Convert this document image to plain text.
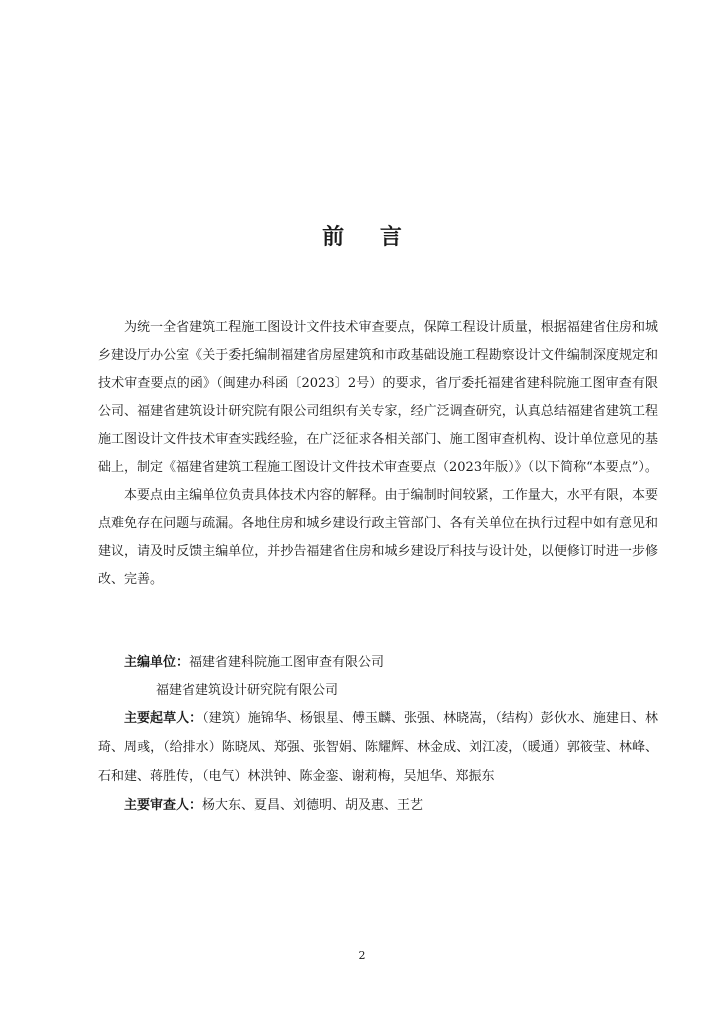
前 言

为统一全省建筑工程施工图设计文件技术审查要点，保障工程设计质量，根据福建省住房和城乡建设厅办公室《关于委托编制福建省房屋建筑和市政基础设施工程勘察设计文件编制深度规定和技术审查要点的函》（闽建办科函〔2023〕2号）的要求，省厅委托福建省建科院施工图审查有限公司、福建省建筑设计研究院有限公司组织有关专家，经广泛调查研究，认真总结福建省建筑工程施工图设计文件技术审查实践经验，在广泛征求各相关部门、施工图审查机构、设计单位意见的基础上，制定《福建省建筑工程施工图设计文件技术审查要点（2023年版）》（以下简称“本要点”）。

本要点由主编单位负责具体技术内容的解释。由于编制时间较紧，工作量大，水平有限，本要点难免存在问题与疏漏。各地住房和城乡建设行政主管部门、各有关单位在执行过程中如有意见和建议，请及时反馈主编单位，并抄告福建省住房和城乡建设厅科技与设计处，以便修订时进一步修改、完善。

主编单位：福建省建科院施工图审查有限公司

福建省建筑设计研究院有限公司

主要起草人：（建筑）施锦华、杨银星、傅玉麟、张强、林晓嵩，（结构）彭伙水、施建日、林琦、周彧，（给排水）陈晓凤、郑强、张智娟、陈耀辉、林金成、刘江凌，（暖通）郭筱莹、林峰、石和建、蒋胜传，（电气）林洪钟、陈金銮、谢莉梅，吴旭华、郑振东

主要审查人：杨大东、夏昌、刘德明、胡及惠、王艺

2
